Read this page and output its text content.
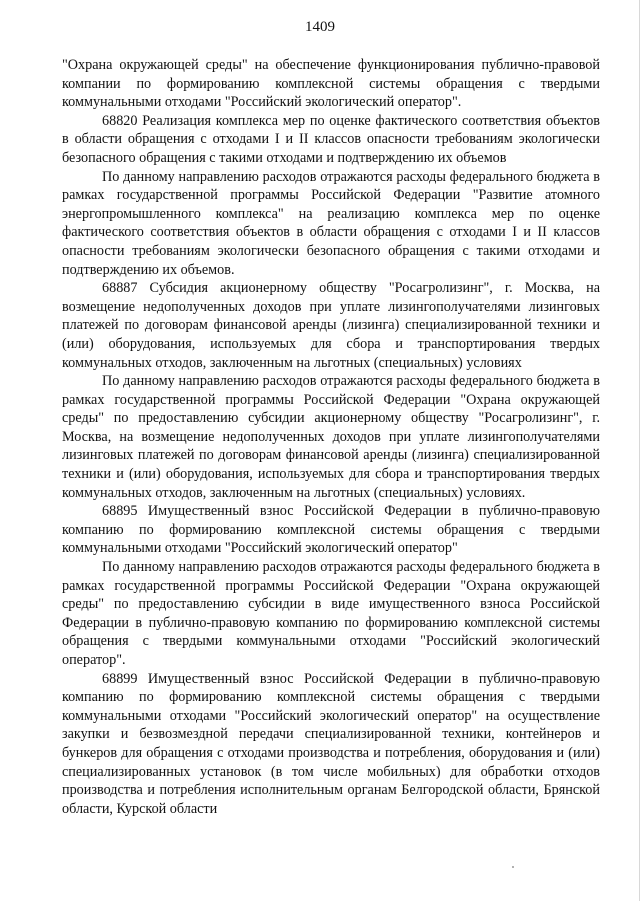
1409

"Охрана окружающей среды" на обеспечение функционирования публично-правовой компании по формированию комплексной системы обращения с твердыми коммунальными отходами "Российский экологический оператор".

68820 Реализация комплекса мер по оценке фактического соответствия объектов в области обращения с отходами I и II классов опасности требованиям экологически безопасного обращения с такими отходами и подтверждению их объемов

По данному направлению расходов отражаются расходы федерального бюджета в рамках государственной программы Российской Федерации "Развитие атомного энергопромышленного комплекса" на реализацию комплекса мер по оценке фактического соответствия объектов в области обращения с отходами I и II классов опасности требованиям экологически безопасного обращения с такими отходами и подтверждению их объемов.

68887 Субсидия акционерному обществу "Росагролизинг", г. Москва, на возмещение недополученных доходов при уплате лизингополучателями лизинговых платежей по договорам финансовой аренды (лизинга) специализированной техники и (или) оборудования, используемых для сбора и транспортирования твердых коммунальных отходов, заключенным на льготных (специальных) условиях

По данному направлению расходов отражаются расходы федерального бюджета в рамках государственной программы Российской Федерации "Охрана окружающей среды" по предоставлению субсидии акционерному обществу "Росагролизинг", г. Москва, на возмещение недополученных доходов при уплате лизингополучателями лизинговых платежей по договорам финансовой аренды (лизинга) специализированной техники и (или) оборудования, используемых для сбора и транспортирования твердых коммунальных отходов, заключенным на льготных (специальных) условиях.

68895 Имущественный взнос Российской Федерации в публично-правовую компанию по формированию комплексной системы обращения с твердыми коммунальными отходами "Российский экологический оператор"

По данному направлению расходов отражаются расходы федерального бюджета в рамках государственной программы Российской Федерации "Охрана окружающей среды" по предоставлению субсидии в виде имущественного взноса Российской Федерации в публично-правовую компанию по формированию комплексной системы обращения с твердыми коммунальными отходами "Российский экологический оператор".

68899 Имущественный взнос Российской Федерации в публично-правовую компанию по формированию комплексной системы обращения с твердыми коммунальными отходами "Российский экологический оператор" на осуществление закупки и безвозмездной передачи специализированной техники, контейнеров и бункеров для обращения с отходами производства и потребления, оборудования и (или) специализированных установок (в том числе мобильных) для обработки отходов производства и потребления исполнительным органам Белгородской области, Брянской области, Курской области
